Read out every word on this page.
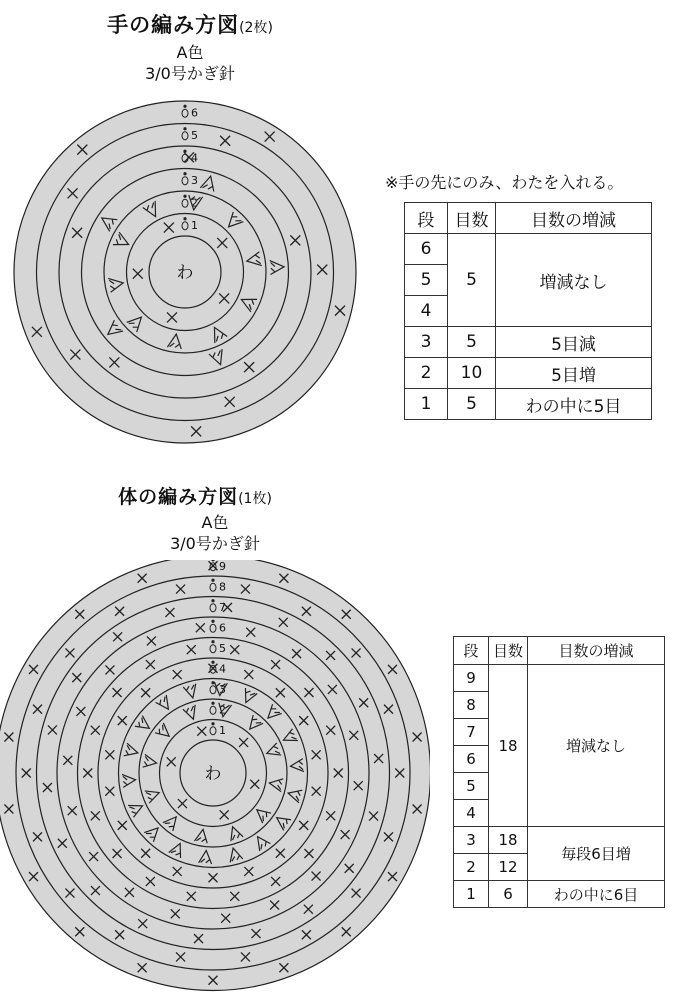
手の編み方図(2枚)
A色
3/0号かぎ針
わ
1
2
3
4
5
6
※手の先にのみ、わたを入れる。
段	目数	目数の増減
6	5	増減なし
5		
4		
3	5	5目減
2	10	5目増
1	5	わの中に5目
体の編み方図(1枚)
A色
3/0号かぎ針
わ
1
2
3
4
5
6
7
8
9
段	目数	目数の増減
9	18	増減なし
8		
7		
6		
5		
4		
3	18	毎段6目増
2	12	
1	6	わの中に6目
